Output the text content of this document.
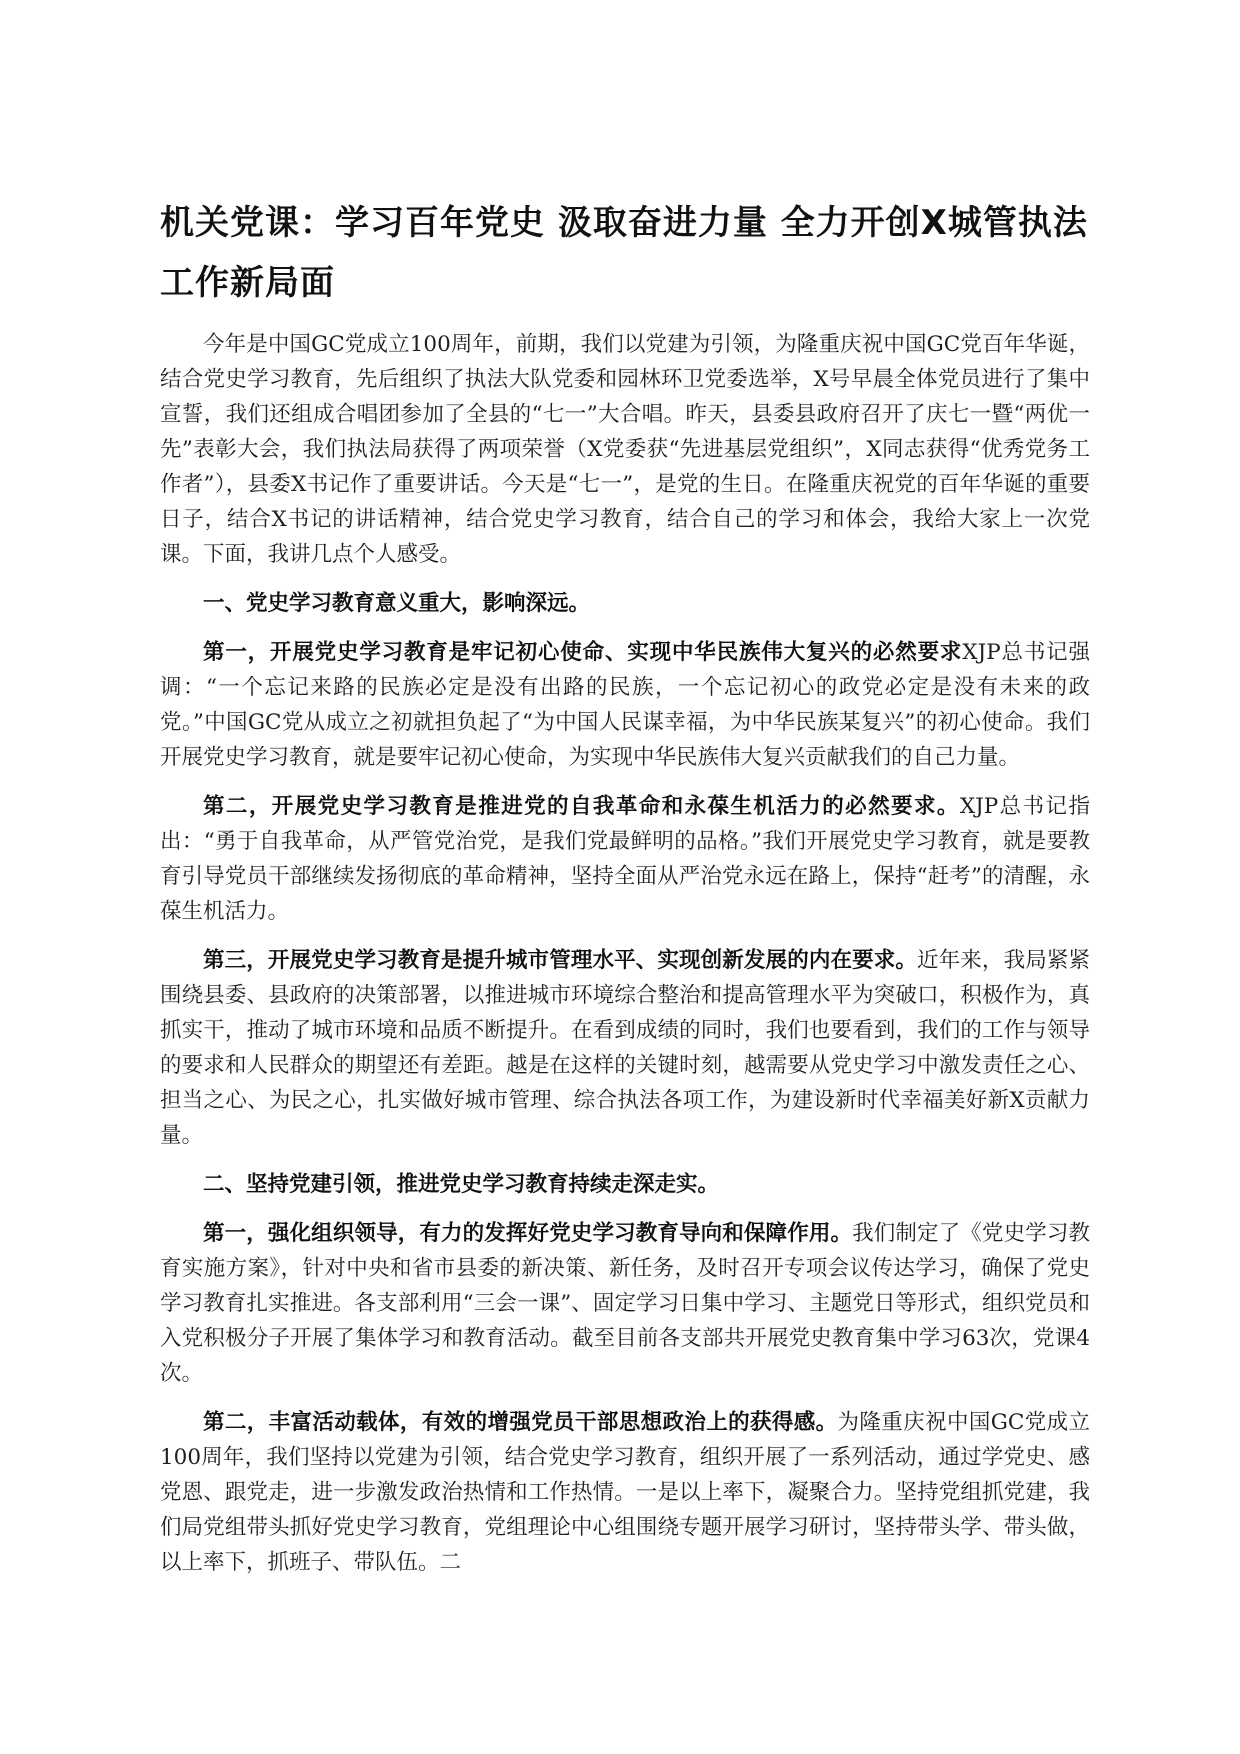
机关党课：学习百年党史 汲取奋进力量 全力开创X城管执法工作新局面

今年是中国GC党成立100周年，前期，我们以党建为引领，为隆重庆祝中国GC党百年华诞，结合党史学习教育，先后组织了执法大队党委和园林环卫党委选举，X号早晨全体党员进行了集中宣誓，我们还组成合唱团参加了全县的“七一”大合唱。昨天，县委县政府召开了庆七一暨“两优一先”表彰大会，我们执法局获得了两项荣誉（X党委获“先进基层党组织”，X同志获得“优秀党务工作者”），县委X书记作了重要讲话。今天是“七一”，是党的生日。在隆重庆祝党的百年华诞的重要日子，结合X书记的讲话精神，结合党史学习教育，结合自己的学习和体会，我给大家上一次党课。下面，我讲几点个人感受。

一、党史学习教育意义重大，影响深远。

第一，开展党史学习教育是牢记初心使命、实现中华民族伟大复兴的必然要求XJP总书记强调：“一个忘记来路的民族必定是没有出路的民族，一个忘记初心的政党必定是没有未来的政党。”中国GC党从成立之初就担负起了“为中国人民谋幸福，为中华民族某复兴”的初心使命。我们开展党史学习教育，就是要牢记初心使命，为实现中华民族伟大复兴贡献我们的自己力量。

第二，开展党史学习教育是推进党的自我革命和永葆生机活力的必然要求。XJP总书记指出：“勇于自我革命，从严管党治党，是我们党最鲜明的品格。”我们开展党史学习教育，就是要教育引导党员干部继续发扬彻底的革命精神，坚持全面从严治党永远在路上，保持“赶考”的清醒，永葆生机活力。

第三，开展党史学习教育是提升城市管理水平、实现创新发展的内在要求。近年来，我局紧紧围绕县委、县政府的决策部署，以推进城市环境综合整治和提高管理水平为突破口，积极作为，真抓实干，推动了城市环境和品质不断提升。在看到成绩的同时，我们也要看到，我们的工作与领导的要求和人民群众的期望还有差距。越是在这样的关键时刻，越需要从党史学习中激发责任之心、担当之心、为民之心，扎实做好城市管理、综合执法各项工作，为建设新时代幸福美好新X贡献力量。

二、坚持党建引领，推进党史学习教育持续走深走实。

第一，强化组织领导，有力的发挥好党史学习教育导向和保障作用。我们制定了《党史学习教育实施方案》，针对中央和省市县委的新决策、新任务，及时召开专项会议传达学习，确保了党史学习教育扎实推进。各支部利用“三会一课”、固定学习日集中学习、主题党日等形式，组织党员和入党积极分子开展了集体学习和教育活动。截至目前各支部共开展党史教育集中学习63次，党课4次。

第二，丰富活动载体，有效的增强党员干部思想政治上的获得感。为隆重庆祝中国GC党成立100周年，我们坚持以党建为引领，结合党史学习教育，组织开展了一系列活动，通过学党史、感党恩、跟党走，进一步激发政治热情和工作热情。一是以上率下，凝聚合力。坚持党组抓党建，我们局党组带头抓好党史学习教育，党组理论中心组围绕专题开展学习研讨，坚持带头学、带头做，以上率下，抓班子、带队伍。二
